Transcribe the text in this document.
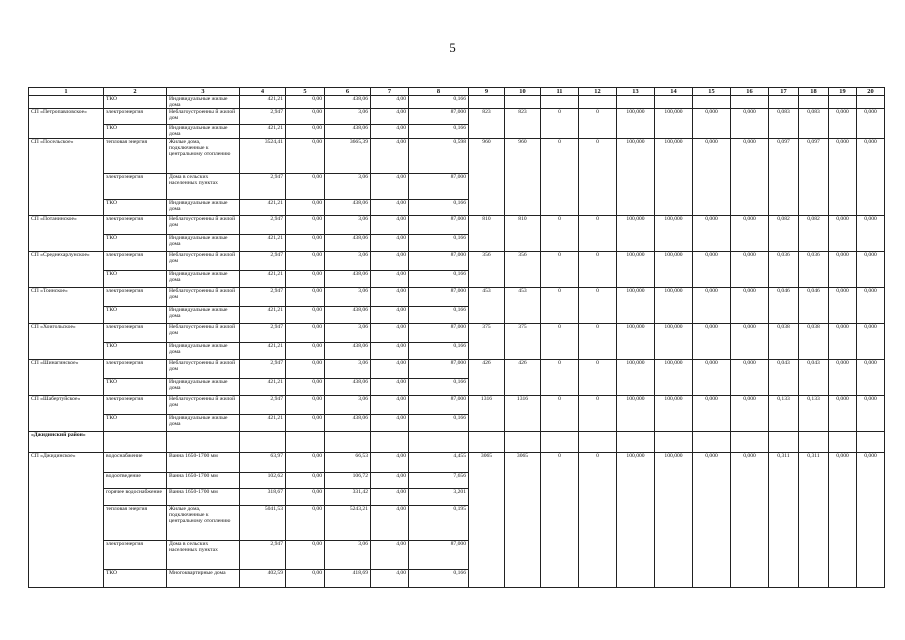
5
1	2	3	4	5	6	7	8	9	10	11	12	13	14	15	16	17	18	19	20
	ТКО	Индивидуальные жилые дома	421,21	0,00	438,06	4,00	0,166												
СП «Петропавловское»	электроэнергия	Неблагоустроенны й жилой дом	2,947	0,00	3,06	4,00	87,000	823	823	0	0	100,000	100,000	0,000	0,000	0,083	0,083	0,000	0,000
	ТКО	Индивидуальные жилые дома	421,21	0,00	438,06	4,00	0,166												
СП «Посельское»	тепловая энергия	Жилые дома, подключенные к центральному отоплению	3524,41	0,00	3665,39	4,00	0,598	960	960	0	0	100,000	100,000	0,000	0,000	0,097	0,097	0,000	0,000
	электроэнергия	Дома в сельских населенных пунктах	2,947	0,00	3,06	4,00	87,000												
	ТКО	Индивидуальные жилые дома	421,21	0,00	438,06	4,00	0,166												
СП «Потанинское»	электроэнергия	Неблагоустроенны й жилой дом	2,947	0,00	3,06	4,00	87,000	810	810	0	0	100,000	100,000	0,000	0,000	0,082	0,082	0,000	0,000
	ТКО	Индивидуальные жилые дома	421,21	0,00	438,06	4,00	0,166												
СП «Среднехарлунское»	электроэнергия	Неблагоустроенны й жилой дом	2,947	0,00	3,06	4,00	87,000	356	356	0	0	100,000	100,000	0,000	0,000	0,036	0,036	0,000	0,000
	ТКО	Индивидуальные жилые дома	421,21	0,00	438,06	4,00	0,166												
СП «Тоинское»	электроэнергия	Неблагоустроенны й жилой дом	2,947	0,00	3,06	4,00	87,000	453	453	0	0	100,000	100,000	0,000	0,000	0,046	0,046	0,000	0,000
	ТКО	Индивидуальные жилые дома	421,21	0,00	438,06	4,00	0,166												
СП «Хоигольское»	электроэнергия	Неблагоустроенны й жилой дом	2,947	0,00	3,06	4,00	87,000	375	375	0	0	100,000	100,000	0,000	0,000	0,038	0,038	0,000	0,000
	ТКО	Индивидуальные жилые дома	421,21	0,00	438,06	4,00	0,166												
СП «Шинагинское»	электроэнергия	Неблагоустроенны й жилой дом	2,947	0,00	3,06	4,00	87,000	426	426	0	0	100,000	100,000	0,000	0,000	0,043	0,043	0,000	0,000
	ТКО	Индивидуальные жилые дома	421,21	0,00	438,06	4,00	0,166												
СП «Шабертуйское»	электроэнергия	Неблагоустроенны й жилой дом	2,947	0,00	3,06	4,00	87,000	1316	1316	0	0	100,000	100,000	0,000	0,000	0,133	0,133	0,000	0,000
	ТКО	Индивидуальные жилые дома	421,21	0,00	438,06	4,00	0,166												
«Джидинский район»																			
СП «Джидинское»	водоснабжение	Ванна 1650-1700 мм	63,97	0,00	66,53	4,00	4,455	3065	3065	0	0	100,000	100,000	0,000	0,000	0,311	0,311	0,000	0,000
	водоотведение	Ванна 1650-1700 мм	102,62	0,00	106,72	4,00	7,656												
	горячее водоснабжение	Ванна 1650-1700 мм	318,67	0,00	331,42	4,00	3,201												
	тепловая энергия	Жилые дома, подключенные к центральному отоплению	5041,53	0,00	5243,21	4,00	0,195												
	электроэнергия	Дома в сельских населенных пунктах	2,947	0,00	3,06	4,00	87,000												
	ТКО	Многоквартирные дома	402,59	0,00	418,69	4,00	0,166												
